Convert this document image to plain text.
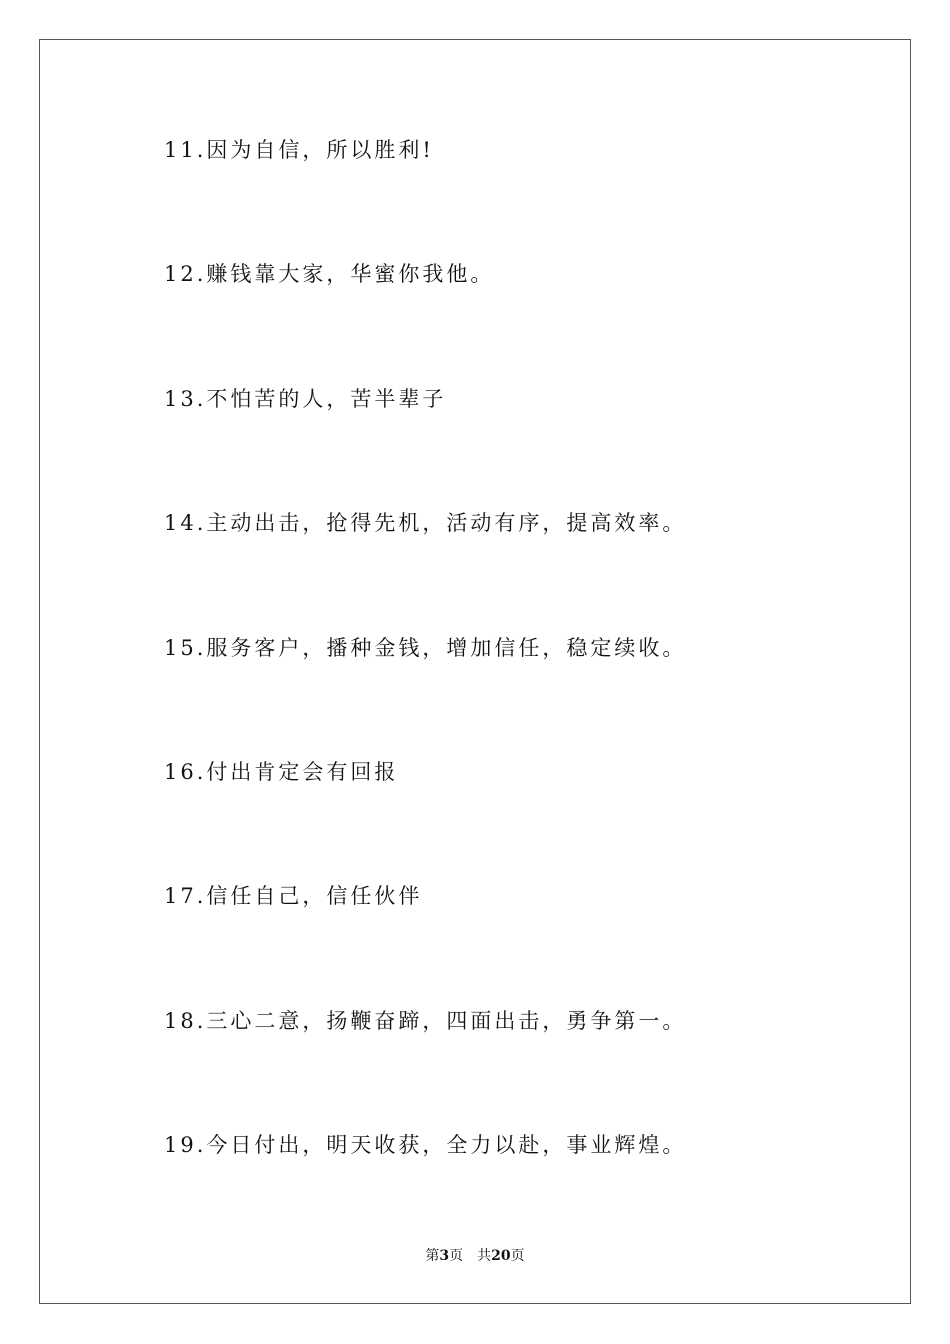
11.因为自信，所以胜利!
12.赚钱靠大家，华蜜你我他。
13.不怕苦的人，苦半辈子
14.主动出击，抢得先机，活动有序，提高效率。
15.服务客户，播种金钱，增加信任，稳定续收。
16.付出肯定会有回报
17.信任自己，信任伙伴
18.三心二意，扬鞭奋蹄，四面出击，勇争第一。
19.今日付出，明天收获，全力以赴，事业辉煌。
第3页 共20页
